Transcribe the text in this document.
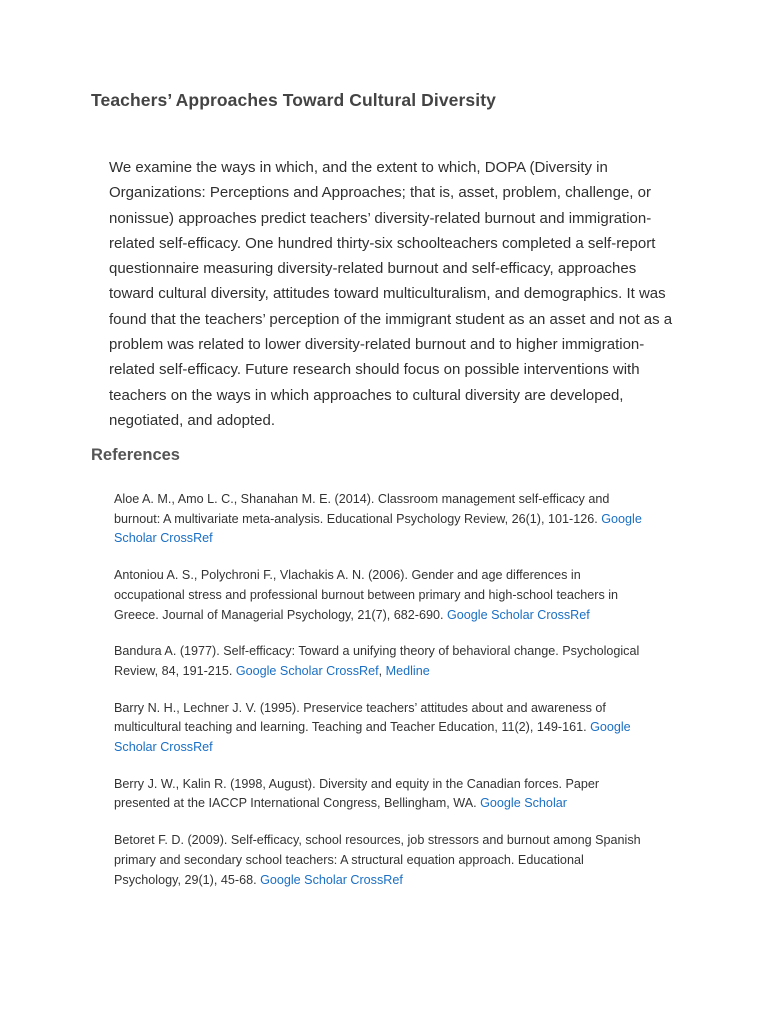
Teachers’ Approaches Toward Cultural Diversity
We examine the ways in which, and the extent to which, DOPA (Diversity in
Organizations: Perceptions and Approaches; that is, asset, problem, challenge, or
nonissue) approaches predict teachers’ diversity-related burnout and immigration-
related self-efficacy. One hundred thirty-six schoolteachers completed a self-report
questionnaire measuring diversity-related burnout and self-efficacy, approaches
toward cultural diversity, attitudes toward multiculturalism, and demographics. It was
found that the teachers’ perception of the immigrant student as an asset and not as a
problem was related to lower diversity-related burnout and to higher immigration-
related self-efficacy. Future research should focus on possible interventions with
teachers on the ways in which approaches to cultural diversity are developed,
negotiated, and adopted.
References
Aloe A. M., Amo L. C., Shanahan M. E. (2014). Classroom management self-efficacy and
burnout: A multivariate meta-analysis. Educational Psychology Review, 26(1), 101-126. Google
Scholar CrossRef
Antoniou A. S., Polychroni F., Vlachakis A. N. (2006). Gender and age differences in
occupational stress and professional burnout between primary and high-school teachers in
Greece. Journal of Managerial Psychology, 21(7), 682-690. Google Scholar CrossRef
Bandura A. (1977). Self-efficacy: Toward a unifying theory of behavioral change. Psychological
Review, 84, 191-215. Google Scholar CrossRef, Medline
Barry N. H., Lechner J. V. (1995). Preservice teachers’ attitudes about and awareness of
multicultural teaching and learning. Teaching and Teacher Education, 11(2), 149-161. Google
Scholar CrossRef
Berry J. W., Kalin R. (1998, August). Diversity and equity in the Canadian forces. Paper
presented at the IACCP International Congress, Bellingham, WA. Google Scholar
Betoret F. D. (2009). Self-efficacy, school resources, job stressors and burnout among Spanish
primary and secondary school teachers: A structural equation approach. Educational
Psychology, 29(1), 45-68. Google Scholar CrossRef
